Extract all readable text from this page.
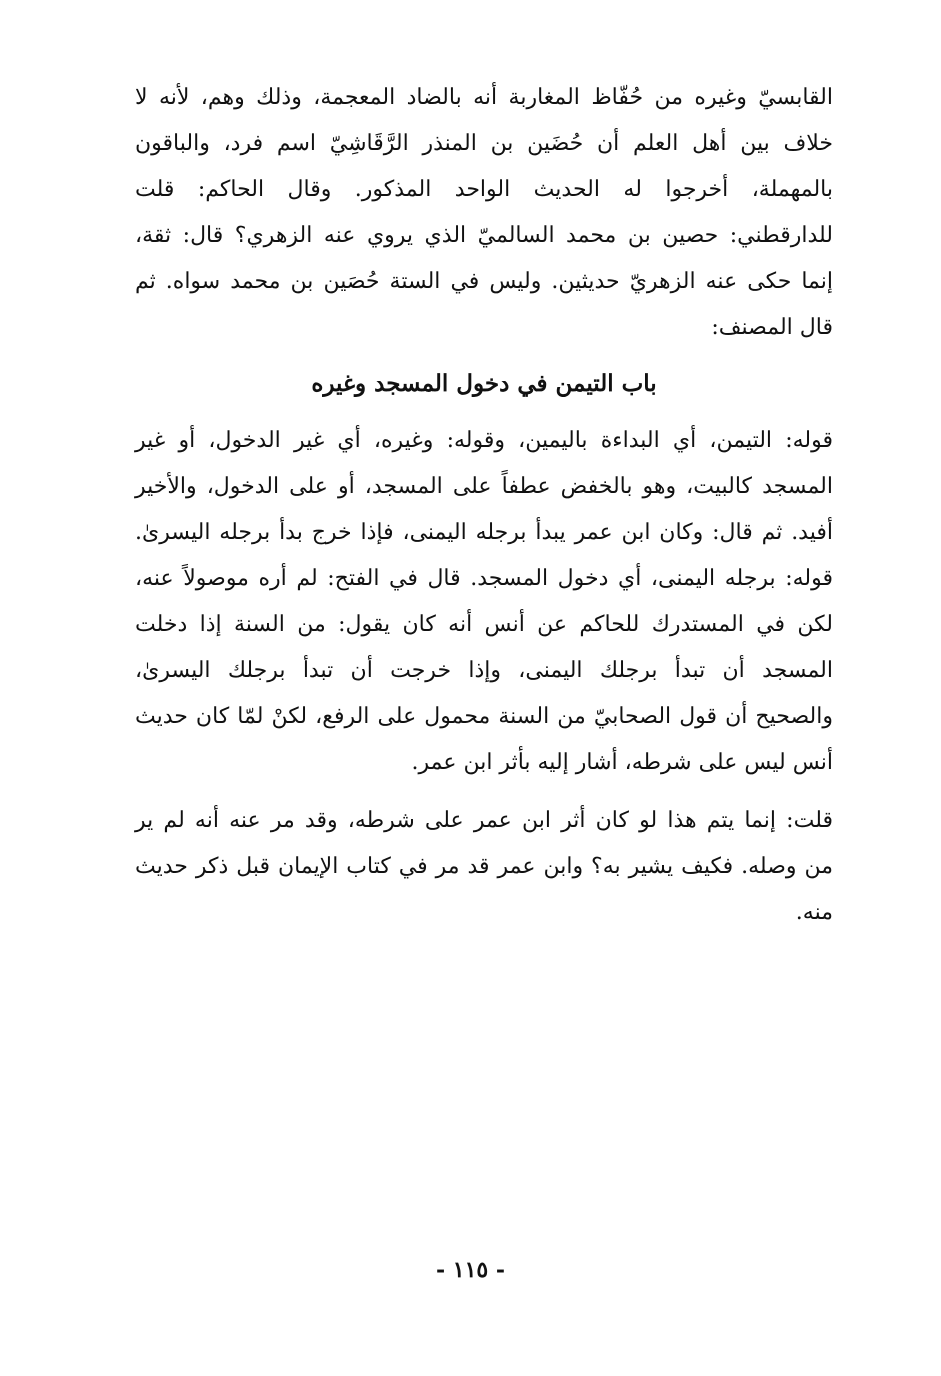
القابسيّ وغيره من حُفّاظ المغاربة أنه بالضاد المعجمة، وذلك وهم، لأنه لا
خلاف بين أهل العلم أن حُضَين بن المنذر الرَّقَاشِيّ اسم فرد، والباقون
بالمهملة، أخرجوا له الحديث الواحد المذكور. وقال الحاكم: قلت
للدارقطني: حصين بن محمد السالميّ الذي يروي عنه الزهري؟ قال: ثقة،
إنما حكى عنه الزهريّ حديثين. وليس في الستة حُصَين بن محمد سواه. ثم
قال المصنف:
باب التيمن في دخول المسجد وغيره
قوله: التيمن، أي البداءة باليمين، وقوله: وغيره، أي غير الدخول، أو غير
المسجد كالبيت، وهو بالخفض عطفاً على المسجد، أو على الدخول، والأخير
أفيد. ثم قال: وكان ابن عمر يبدأ برجله اليمنى، فإذا خرج بدأ برجله اليسرىٰ.
قوله: برجله اليمنى، أي دخول المسجد. قال في الفتح: لم أره موصولاً عنه،
لكن في المستدرك للحاكم عن أنس أنه كان يقول: من السنة إذا دخلت
المسجد أن تبدأ برجلك اليمنى، وإذا خرجت أن تبدأ برجلك اليسرىٰ،
والصحيح أن قول الصحابيّ من السنة محمول على الرفع، لكنْ لمّا كان حديث
أنس ليس على شرطه، أشار إليه بأثر ابن عمر.
قلت: إنما يتم هذا لو كان أثر ابن عمر على شرطه، وقد مر عنه أنه لم ير
من وصله. فكيف يشير به؟ وابن عمر قد مر في كتاب الإيمان قبل ذكر حديث
منه.
- ١١٥ -
